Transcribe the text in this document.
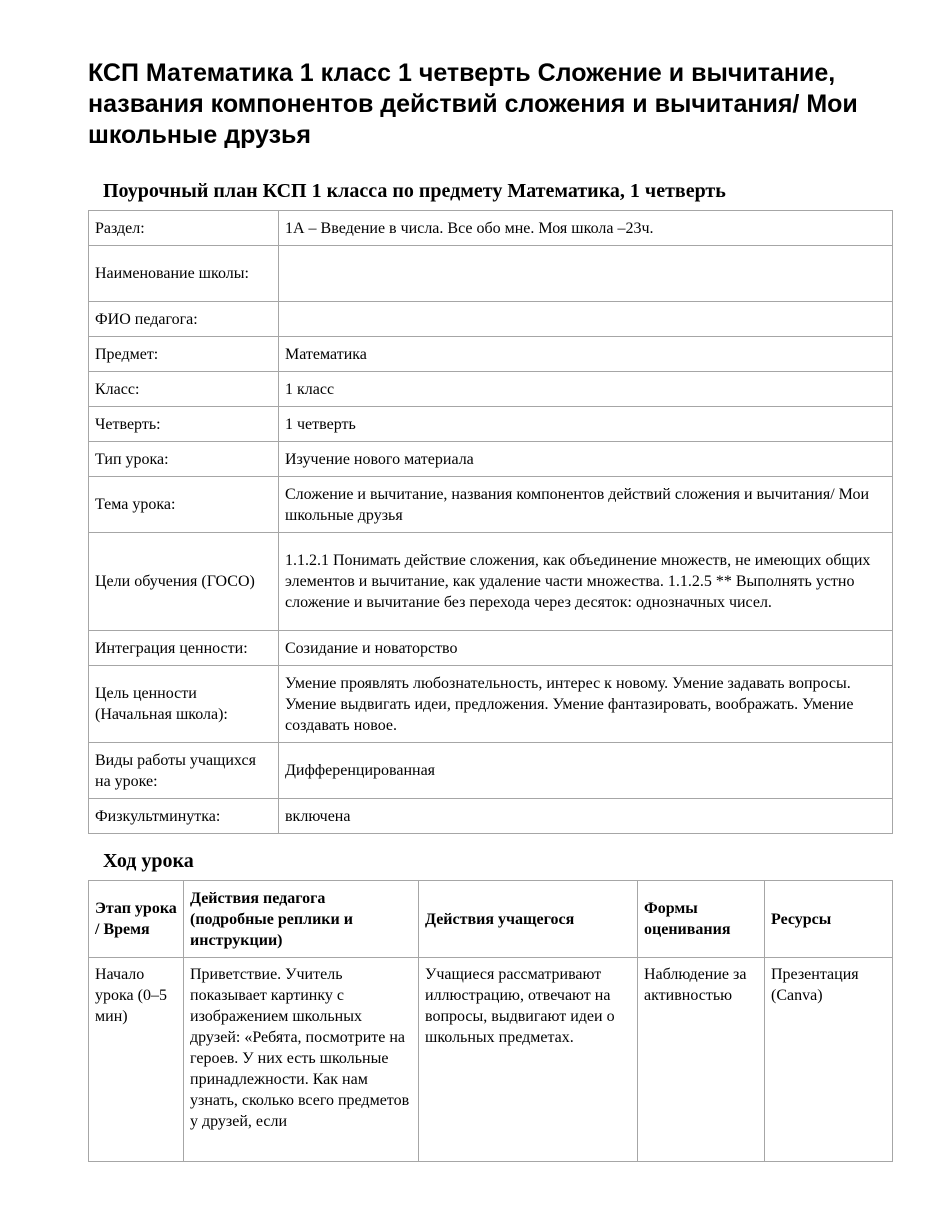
КСП Математика 1 класс 1 четверть Сложение и вычитание, названия компонентов действий сложения и вычитания/ Мои школьные друзья
Поурочный план КСП 1 класса по предмету Математика, 1 четверть
Раздел:	1А – Введение в числа. Все обо мне. Моя школа –23ч.
Наименование школы:	
ФИО педагога:	
Предмет:	Математика
Класс:	1 класс
Четверть:	1 четверть
Тип урока:	Изучение нового материала
Тема урока:	Сложение и вычитание, названия компонентов действий сложения и вычитания/ Мои школьные друзья
Цели обучения (ГОСО)	1.1.2.1 Понимать действие сложения, как объединение множеств, не имеющих общих элементов и вычитание, как удаление части множества. 1.1.2.5 ** Выполнять устно сложение и вычитание без перехода через десяток: однозначных чисел.
Интеграция ценности:	Созидание и новаторство
Цель ценности (Начальная школа):	Умение проявлять любознательность, интерес к новому. Умение задавать вопросы. Умение выдвигать идеи, предложения. Умение фантазировать, воображать. Умение создавать новое.
Виды работы учащихся на уроке:	Дифференцированная
Физкультминутка:	включена
Ход урока
Этап урока / Время	Действия педагога (подробные реплики и инструкции)	Действия учащегося	Формы оценивания	Ресурсы
Начало урока (0–5 мин)	Приветствие. Учитель показывает картинку с изображением школьных друзей: «Ребята, посмотрите на героев. У них есть школьные принадлежности. Как нам узнать, сколько всего предметов у друзей, если	Учащиеся рассматривают иллюстрацию, отвечают на вопросы, выдвигают идеи о школьных предметах.	Наблюдение за активностью	Презентация (Canva)
